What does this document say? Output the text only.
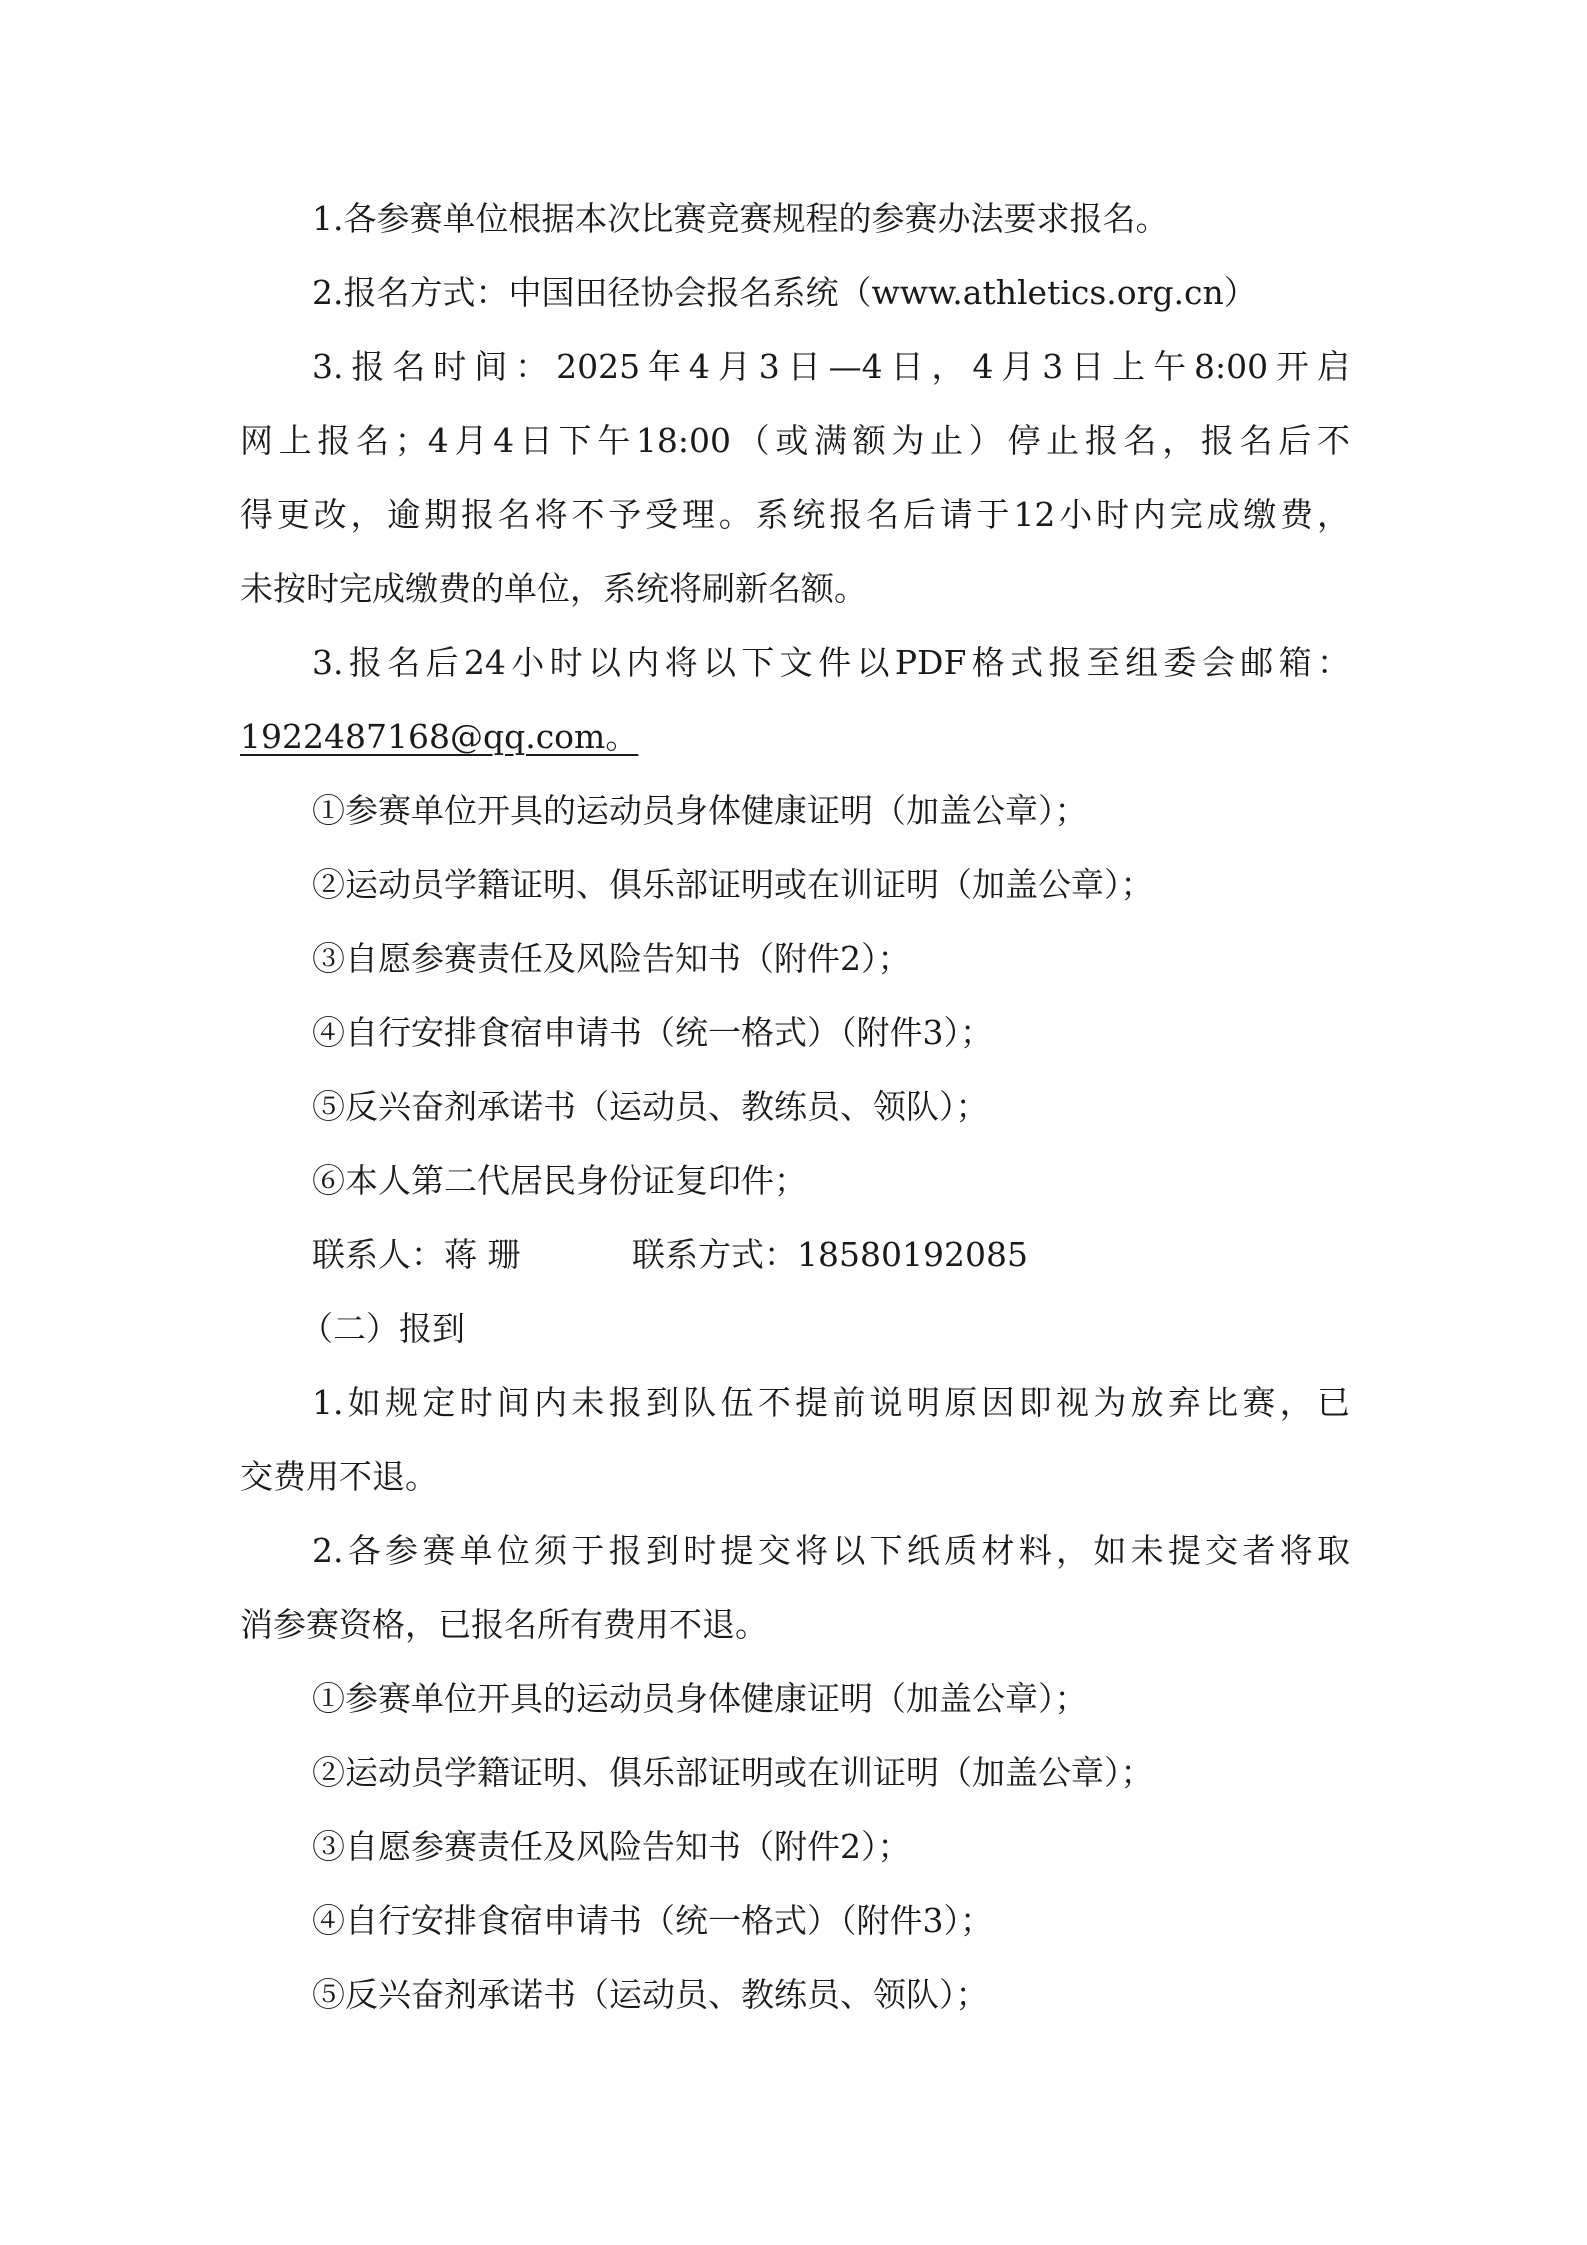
1.各参赛单位根据本次比赛竞赛规程的参赛办法要求报名。
2.报名方式：中国田径协会报名系统（www.athletics.org.cn）
3.报名时间：2025年4月3日—4日，4月3日上午8:00开启
网上报名；4月4日下午18:00（或满额为止）停止报名，报名后不
得更改，逾期报名将不予受理。系统报名后请于12小时内完成缴费，
未按时完成缴费的单位，系统将刷新名额。
3.报名后24小时以内将以下文件以PDF格式报至组委会邮箱：
1922487168@qq.com。
①参赛单位开具的运动员身体健康证明（加盖公章）；
②运动员学籍证明、俱乐部证明或在训证明（加盖公章）；
③自愿参赛责任及风险告知书（附件2）；
④自行安排食宿申请书（统一格式）（附件3）；
⑤反兴奋剂承诺书（运动员、教练员、领队）；
⑥本人第二代居民身份证复印件；
联系人：蒋 珊	联系方式：18580192085
（二）报到
1.如规定时间内未报到队伍不提前说明原因即视为放弃比赛，已
交费用不退。
2.各参赛单位须于报到时提交将以下纸质材料，如未提交者将取
消参赛资格，已报名所有费用不退。
①参赛单位开具的运动员身体健康证明（加盖公章）；
②运动员学籍证明、俱乐部证明或在训证明（加盖公章）；
③自愿参赛责任及风险告知书（附件2）；
④自行安排食宿申请书（统一格式）（附件3）；
⑤反兴奋剂承诺书（运动员、教练员、领队）；
